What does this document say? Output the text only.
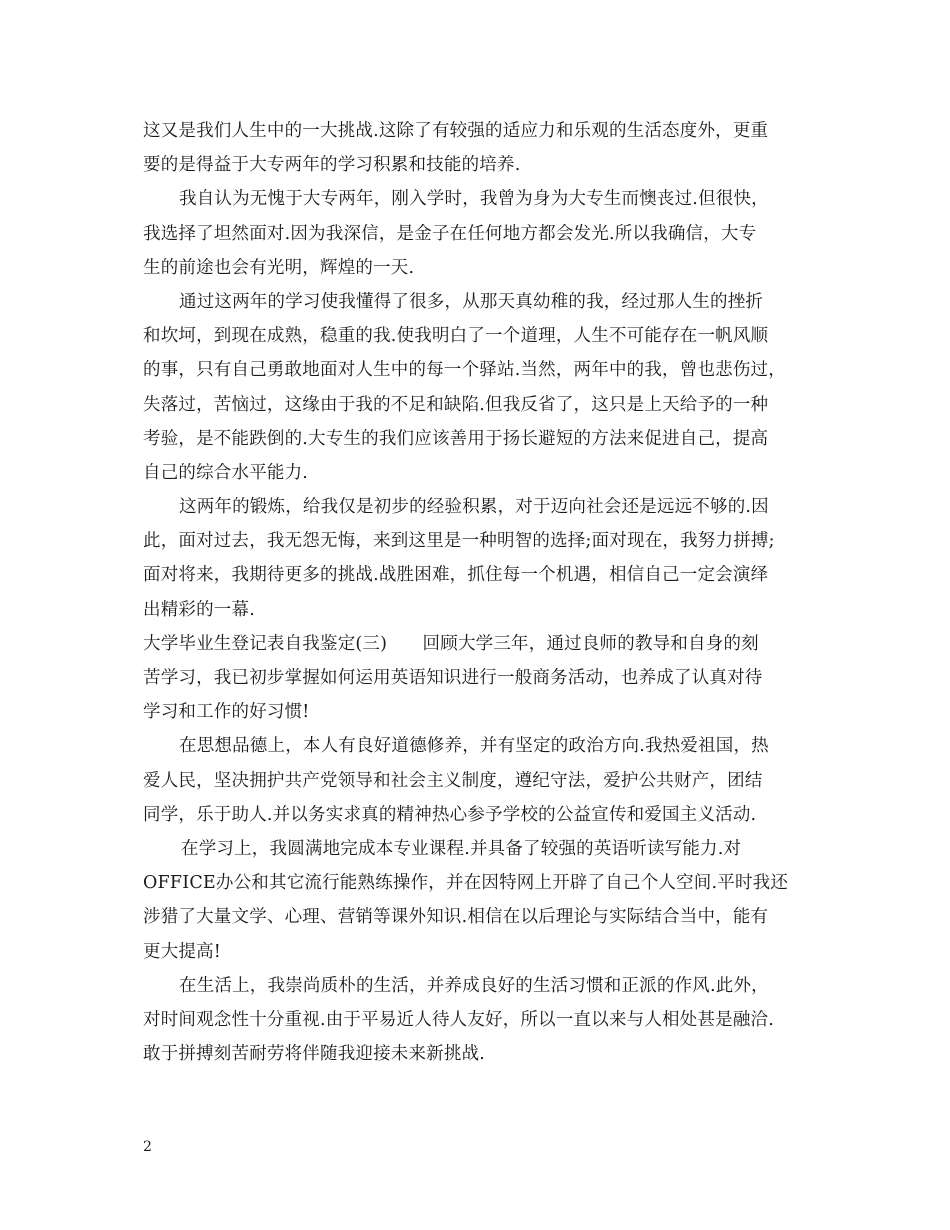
这又是我们人生中的一大挑战.这除了有较强的适应力和乐观的生活态度外，更重
要的是得益于大专两年的学习积累和技能的培养.
我自认为无愧于大专两年，刚入学时，我曾为身为大专生而懊丧过.但很快，
我选择了坦然面对.因为我深信，是金子在任何地方都会发光.所以我确信，大专
生的前途也会有光明，辉煌的一天.
通过这两年的学习使我懂得了很多，从那天真幼稚的我，经过那人生的挫折
和坎坷，到现在成熟，稳重的我.使我明白了一个道理，人生不可能存在一帆风顺
的事，只有自己勇敢地面对人生中的每一个驿站.当然，两年中的我，曾也悲伤过，
失落过，苦恼过，这缘由于我的不足和缺陷.但我反省了，这只是上天给予的一种
考验，是不能跌倒的.大专生的我们应该善用于扬长避短的方法来促进自己，提高
自己的综合水平能力.
这两年的锻炼，给我仅是初步的经验积累，对于迈向社会还是远远不够的.因
此，面对过去，我无怨无悔，来到这里是一种明智的选择;面对现在，我努力拼搏;
面对将来，我期待更多的挑战.战胜困难，抓住每一个机遇，相信自己一定会演绎
出精彩的一幕.
大学毕业生登记表自我鉴定(三)　　回顾大学三年，通过良师的教导和自身的刻
苦学习，我已初步掌握如何运用英语知识进行一般商务活动，也养成了认真对待
学习和工作的好习惯!
在思想品德上，本人有良好道德修养，并有坚定的政治方向.我热爱祖国，热
爱人民，坚决拥护共产党领导和社会主义制度，遵纪守法，爱护公共财产，团结
同学，乐于助人.并以务实求真的精神热心参予学校的公益宣传和爱国主义活动.
在学习上，我圆满地完成本专业课程.并具备了较强的英语听读写能力.对
OFFICE办公和其它流行能熟练操作，并在因特网上开辟了自己个人空间.平时我还
涉猎了大量文学、心理、营销等课外知识.相信在以后理论与实际结合当中，能有
更大提高!
在生活上，我崇尚质朴的生活，并养成良好的生活习惯和正派的作风.此外，
对时间观念性十分重视.由于平易近人待人友好，所以一直以来与人相处甚是融洽.
敢于拼搏刻苦耐劳将伴随我迎接未来新挑战.
2
